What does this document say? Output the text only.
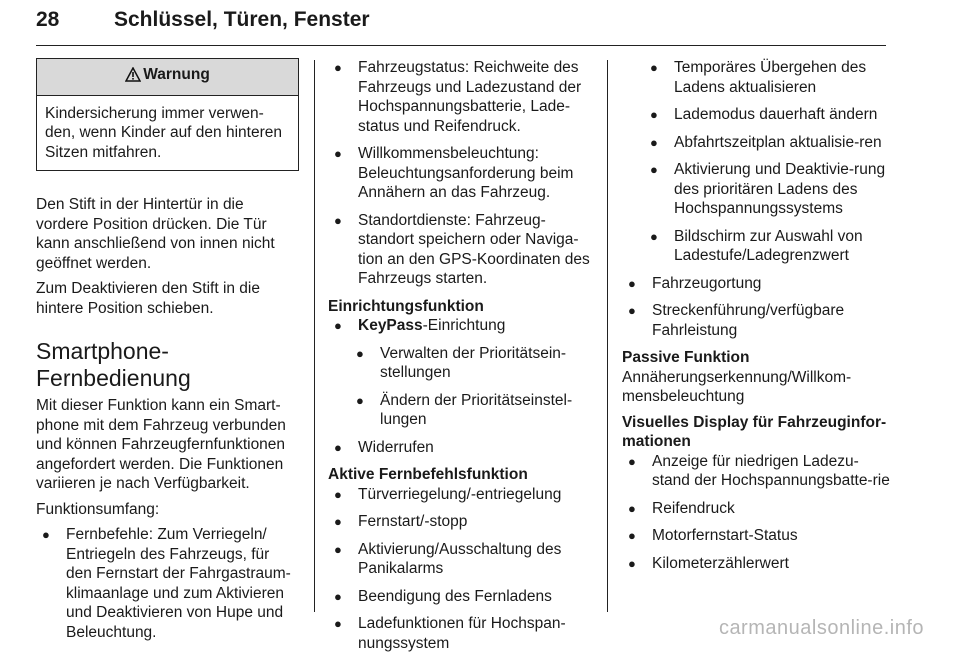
28	Schlüssel, Türen, Fenster
Warnung
Kindersicherung immer verwen-den, wenn Kinder auf den hinteren Sitzen mitfahren.

Den Stift in der Hintertür in die vordere Position drücken. Die Tür kann anschließend von innen nicht geöffnet werden.

Zum Deaktivieren den Stift in die hintere Position schieben.

Smartphone-Fernbedienung

Mit dieser Funktion kann ein Smart-phone mit dem Fahrzeug verbunden und können Fahrzeugfernfunktionen angefordert werden. Die Funktionen variieren je nach Verfügbarkeit.

Funktionsumfang:

● Fernbefehle: Zum Verriegeln/ Entriegeln des Fahrzeugs, für den Fernstart der Fahrgastraum-klimaanlage und zum Aktivieren und Deaktivieren von Hupe und Beleuchtung.
● Fahrzeugstatus: Reichweite des Fahrzeugs und Ladezustand der Hochspannungsbatterie, Lade-status und Reifendruck.
● Willkommensbeleuchtung: Beleuchtungsanforderung beim Annähern an das Fahrzeug.
● Standortdienste: Fahrzeug-standort speichern oder Naviga-tion an den GPS-Koordinaten des Fahrzeugs starten.
Einrichtungsfunktion
● KeyPass-Einrichtung
● Verwalten der Prioritätsein-stellungen
● Ändern der Prioritätseinstel-lungen
● Widerrufen
Aktive Fernbefehlsfunktion
● Türverriegelung/-entriegelung
● Fernstart/-stopp
● Aktivierung/Ausschaltung des Panikalarms
● Beendigung des Fernladens
● Ladefunktionen für Hochspan-nungssystem
● Temporäres Übergehen des Ladens aktualisieren
● Lademodus dauerhaft ändern
● Abfahrtszeitplan aktualisie-ren
● Aktivierung und Deaktivie-rung des prioritären Ladens des Hochspannungssystems
● Bildschirm zur Auswahl von Ladestufe/Ladegrenzwert
● Fahrzeugortung
● Streckenführung/verfügbare Fahrleistung
Passive Funktion

Annäherungserkennung/Willkom-mensbeleuchtung

Visuelles Display für Fahrzeuginfor-mationen
● Anzeige für niedrigen Ladezu-stand der Hochspannungsbatte-rie
● Reifendruck
● Motorfernstart-Status
● Kilometerzählerwert
carmanualsonline.info
